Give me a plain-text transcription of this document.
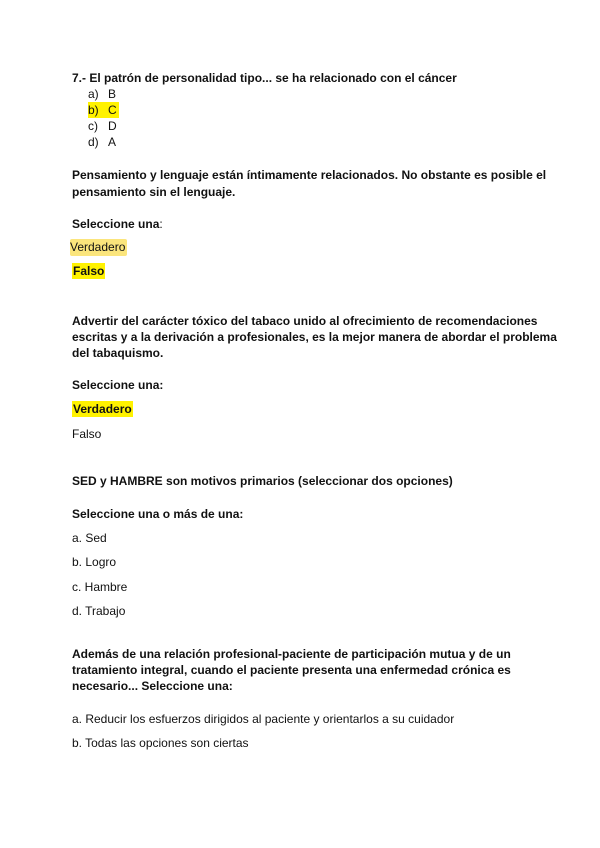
7.- El patrón de personalidad tipo... se ha relacionado con el cáncer
a) B
b) C
c) D
d) A
Pensamiento y lenguaje están íntimamente relacionados. No obstante es posible el
pensamiento sin el lenguaje.
Seleccione una:
Verdadero
Falso
Advertir del carácter tóxico del tabaco unido al ofrecimiento de recomendaciones
escritas y a la derivación a profesionales, es la mejor manera de abordar el problema
del tabaquismo.
Seleccione una:
Verdadero
Falso
SED y HAMBRE son motivos primarios (seleccionar dos opciones)
Seleccione una o más de una:
a. Sed
b. Logro
c. Hambre
d. Trabajo
Además de una relación profesional-paciente de participación mutua y de un
tratamiento integral, cuando el paciente presenta una enfermedad crónica es
necesario... Seleccione una:
a. Reducir los esfuerzos dirigidos al paciente y orientarlos a su cuidador
b. Todas las opciones son ciertas
